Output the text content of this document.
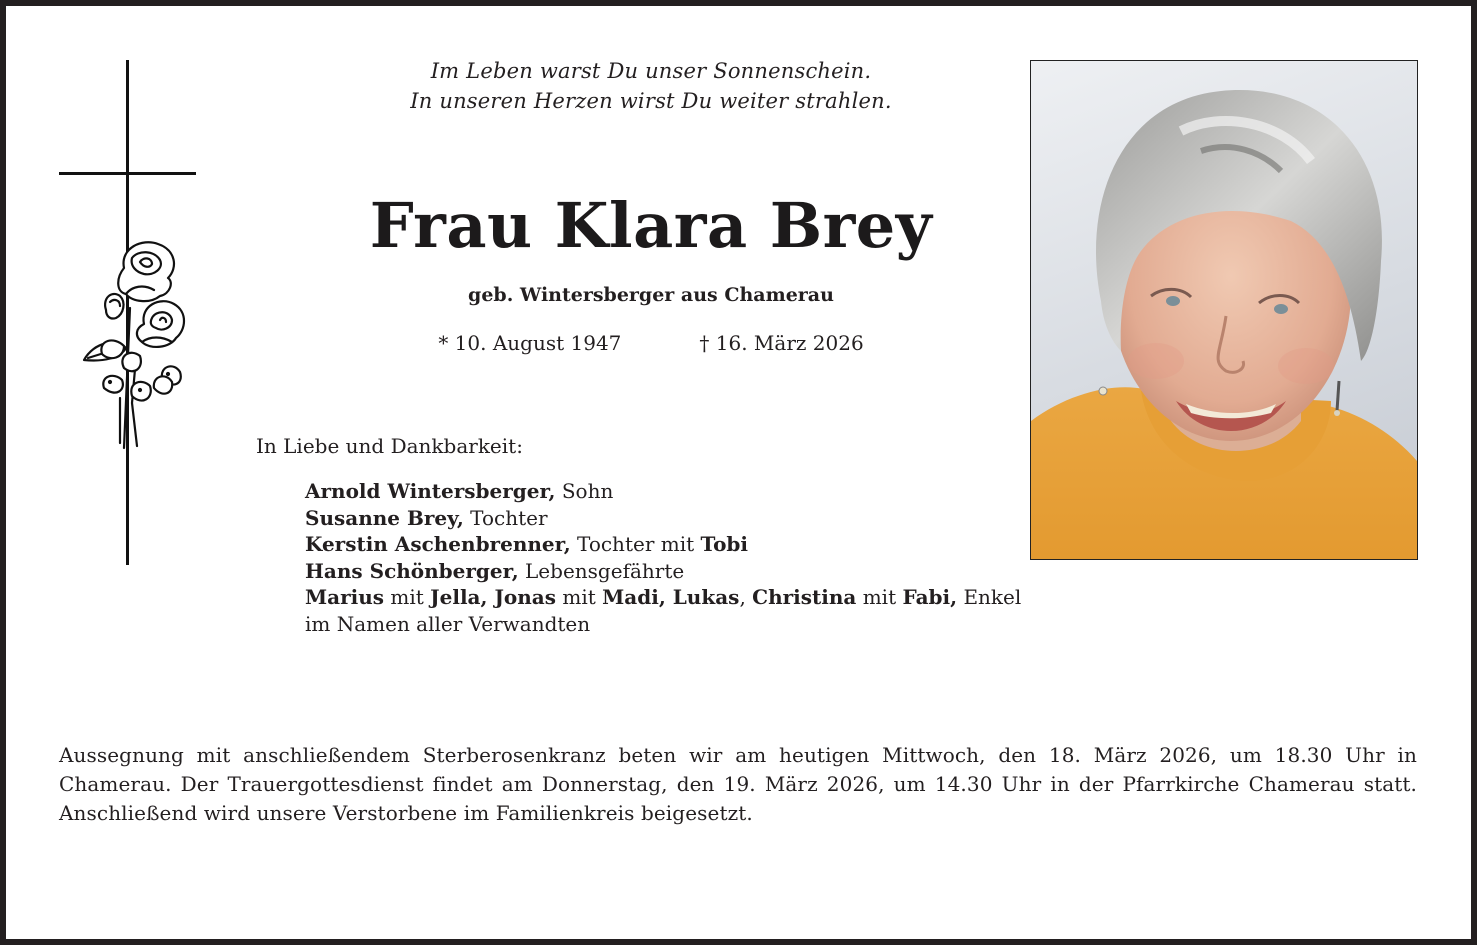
Im Leben warst Du unser Sonnenschein.
In unseren Herzen wirst Du weiter strahlen.
Frau Klara Brey
geb. Wintersberger aus Chamerau
* 10. August 1947	† 16. März 2026
In Liebe und Dankbarkeit:
Arnold Wintersberger, Sohn
Susanne Brey, Tochter
Kerstin Aschenbrenner, Tochter mit Tobi
Hans Schönberger, Lebensgefährte
Marius mit Jella, Jonas mit Madi, Lukas, Christina mit Fabi, Enkel
im Namen aller Verwandten
Aussegnung mit anschließendem Sterberosenkranz beten wir am heutigen Mittwoch, den 18. März 2026, um 18.30 Uhr in Chamerau. Der Trauergottesdienst findet am Donnerstag, den 19. März 2026, um 14.30 Uhr in der Pfarrkirche Chamerau statt. Anschließend wird unsere Verstorbene im Familienkreis beigesetzt.
